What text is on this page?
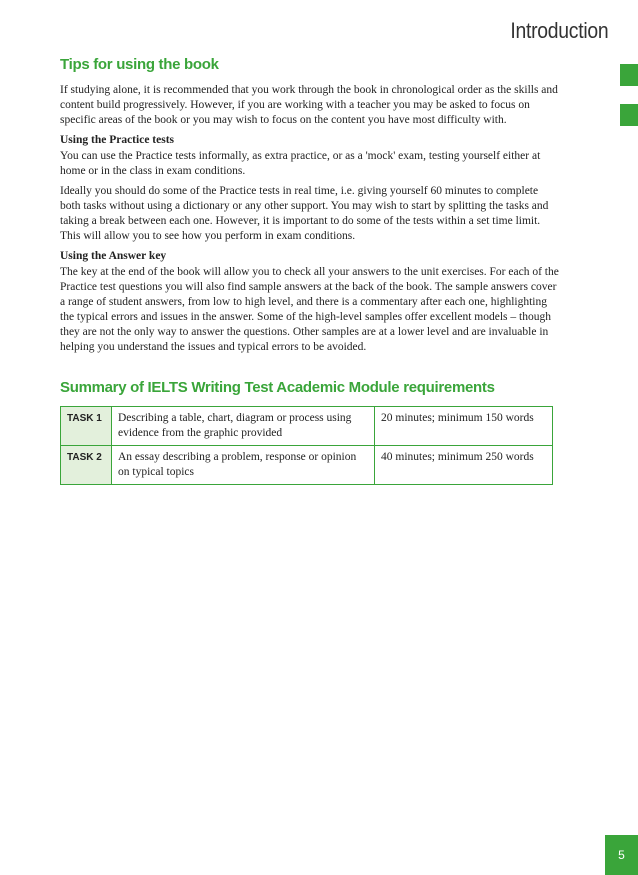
Introduction
Tips for using the book

If studying alone, it is recommended that you work through the book in chronological order as the skills and content build progressively. However, if you are working with a teacher you may be asked to focus on specific areas of the book or you may wish to focus on the content you have most difficulty with.

Using the Practice tests

You can use the Practice tests informally, as extra practice, or as a 'mock' exam, testing yourself either at home or in the class in exam conditions.

Ideally you should do some of the Practice tests in real time, i.e. giving yourself 60 minutes to complete both tasks without using a dictionary or any other support. You may wish to start by splitting the tasks and taking a break between each one. However, it is important to do some of the tests within a set time limit. This will allow you to see how you perform in exam conditions.

Using the Answer key

The key at the end of the book will allow you to check all your answers to the unit exercises. For each of the Practice test questions you will also find sample answers at the back of the book. The sample answers cover a range of student answers, from low to high level, and there is a commentary after each one, highlighting the typical errors and issues in the answer. Some of the high-level samples offer excellent models – though they are not the only way to answer the questions. Other samples are at a lower level and are invaluable in helping you understand the issues and typical errors to be avoided.

Summary of IELTS Writing Test Academic Module requirements
TASK 1	Describing a table, chart, diagram or process using evidence from the graphic provided	20 minutes; minimum 150 words
TASK 2	An essay describing a problem, response or opinion on typical topics	40 minutes; minimum 250 words
5
